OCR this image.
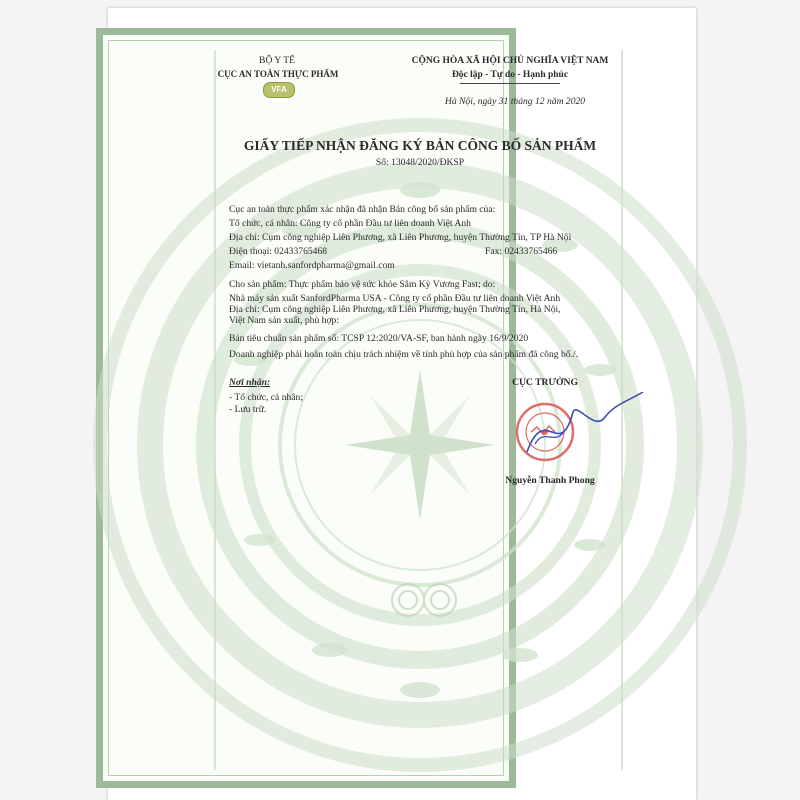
BỘ Y TẾ
CỤC AN TOÀN THỰC PHẨM
VFA
CỘNG HÒA XÃ HỘI CHỦ NGHĨA VIỆT NAM
Độc lập - Tự do - Hạnh phúc
Hà Nội, ngày 31 tháng 12 năm 2020
GIẤY TIẾP NHẬN ĐĂNG KÝ BẢN CÔNG BỐ SẢN PHẨM
Số: 13048/2020/ĐKSP
Cục an toàn thực phẩm xác nhận đã nhận Bản công bố sản phẩm của:
Tổ chức, cá nhân: Công ty cổ phần Đầu tư liên doanh Việt Anh
Địa chỉ: Cụm công nghiệp Liên Phương, xã Liên Phương, huyện Thường Tín, TP Hà Nội
Điện thoại: 02433765468	Fax: 02433765466
Email: vietanh.sanfordpharma@gmail.com
Cho sản phẩm: Thực phẩm bảo vệ sức khỏe Sâm Kỳ Vương Fast; do:
Nhà máy sản xuất SanfordPharma USA - Công ty cổ phần Đầu tư liên doanh Việt Anh
Địa chỉ: Cụm công nghiệp Liên Phương, xã Liên Phương, huyện Thường Tín, Hà Nội,
Việt Nam sản xuất, phù hợp:
Bản tiêu chuẩn sản phẩm số: TCSP 12:2020/VA-SF, ban hành ngày 16/9/2020
Doanh nghiệp phải hoàn toàn chịu trách nhiệm về tính phù hợp của sản phẩm đã công bố./.
Nơi nhận:
- Tổ chức, cá nhân;
- Lưu trữ.
CỤC TRƯỞNG
Nguyễn Thanh Phong
